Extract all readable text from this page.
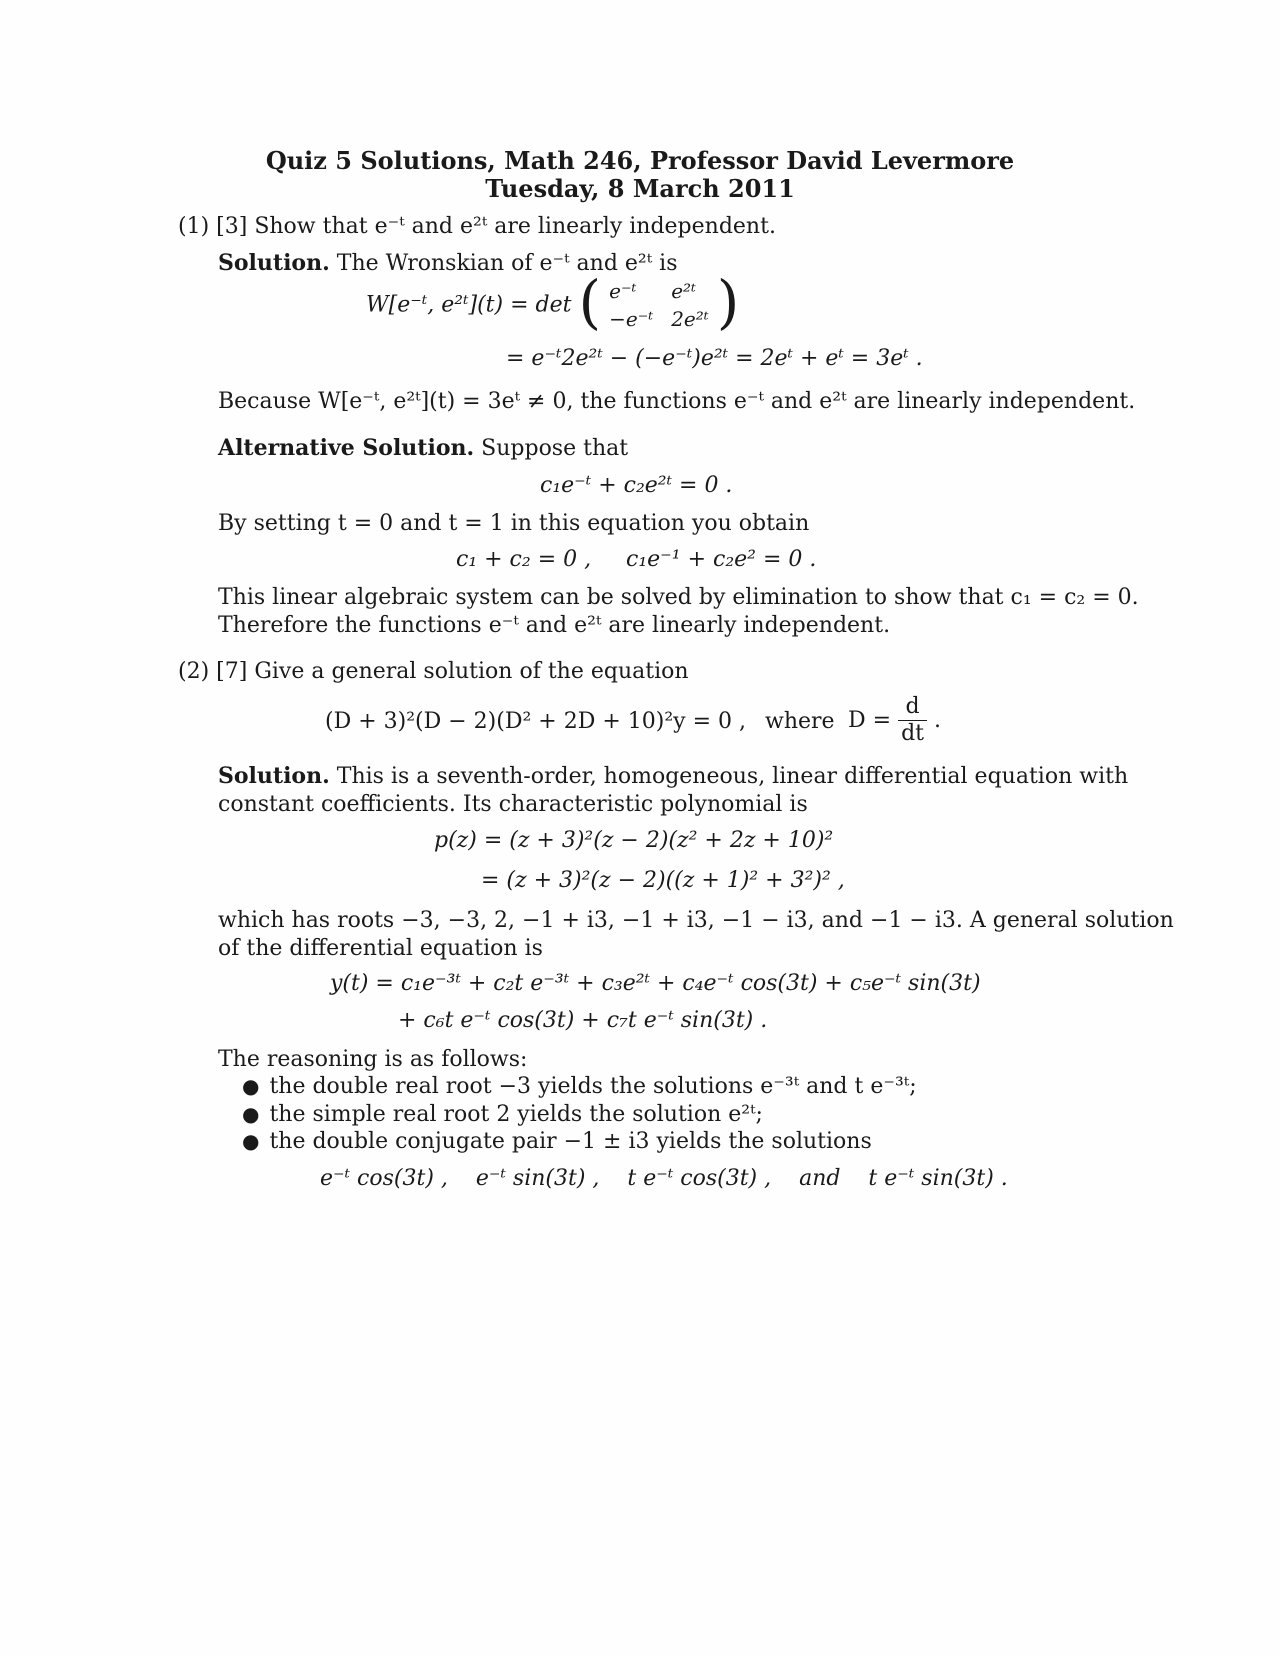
Quiz 5 Solutions, Math 246, Professor David Levermore
Tuesday, 8 March 2011
(1) [3] Show that e⁻ᵗ and e²ᵗ are linearly independent.
Solution. The Wronskian of e⁻ᵗ and e²ᵗ is
W[e⁻ᵗ, e²ᵗ](t) = det ( e⁻ᵗ	e²ᵗ
−e⁻ᵗ 2e²ᵗ )
= e⁻ᵗ2e²ᵗ − (−e⁻ᵗ)e²ᵗ = 2eᵗ + eᵗ = 3eᵗ .
Because W[e⁻ᵗ, e²ᵗ](t) = 3eᵗ ≠ 0, the functions e⁻ᵗ and e²ᵗ are linearly independent.
Alternative Solution. Suppose that
c₁e⁻ᵗ + c₂e²ᵗ = 0 .
By setting t = 0 and t = 1 in this equation you obtain
c₁ + c₂ = 0 , c₁e⁻¹ + c₂e² = 0 .
This linear algebraic system can be solved by elimination to show that c₁ = c₂ = 0.
Therefore the functions e⁻ᵗ and e²ᵗ are linearly independent.
(2) [7] Give a general solution of the equation
(D + 3)²(D − 2)(D² + 2D + 10)²y = 0 , where $D = \frac{d}{dt}$ .
Solution. This is a seventh-order, homogeneous, linear differential equation with
constant coefficients. Its characteristic polynomial is
p(z) = (z + 3)²(z − 2)(z² + 2z + 10)²
= (z + 3)²(z − 2)((z + 1)² + 3²)² ,
which has roots −3, −3, 2, −1 + i3, −1 + i3, −1 − i3, and −1 − i3. A general solution
of the differential equation is
y(t) = c₁e⁻³ᵗ + c₂t e⁻³ᵗ + c₃e²ᵗ + c₄e⁻ᵗ cos(3t) + c₅e⁻ᵗ sin(3t)
+ c₆t e⁻ᵗ cos(3t) + c₇t e⁻ᵗ sin(3t) .
The reasoning is as follows:
● the double real root −3 yields the solutions e⁻³ᵗ and t e⁻³ᵗ;
● the simple real root 2 yields the solution e²ᵗ;
● the double conjugate pair −1 ± i3 yields the solutions
e⁻ᵗ cos(3t) ,    e⁻ᵗ sin(3t) ,    t e⁻ᵗ cos(3t) ,    and    t e⁻ᵗ sin(3t) .
